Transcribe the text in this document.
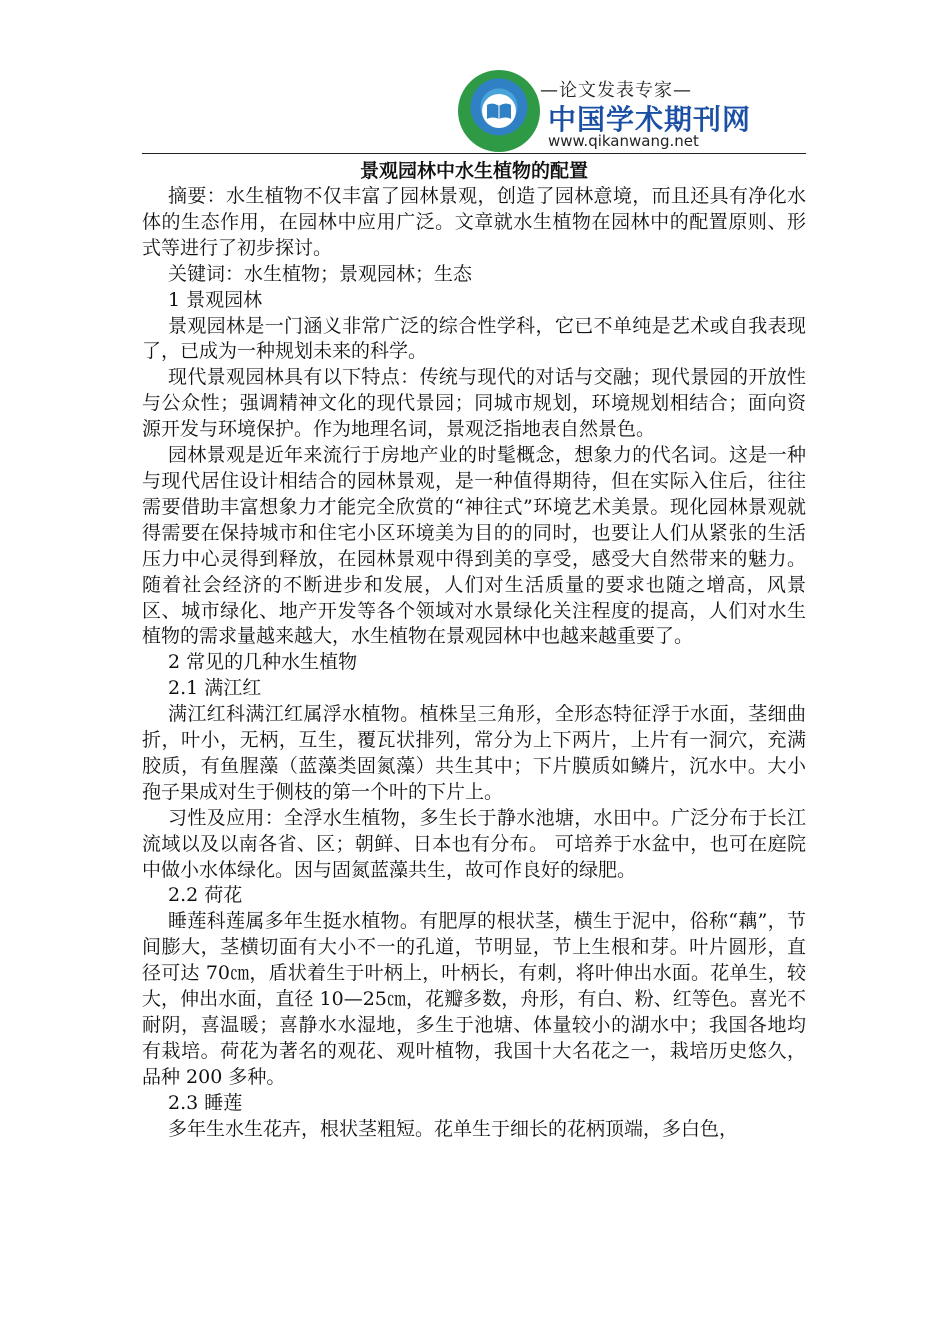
—论文发表专家—
中国学术期刊网
www.qikanwang.net

景观园林中水生植物的配置

摘要：水生植物不仅丰富了园林景观，创造了园林意境，而且还具有净化水体的生态作用，在园林中应用广泛。文章就水生植物在园林中的配置原则、形式等进行了初步探讨。

关键词：水生植物；景观园林；生态

1 景观园林

景观园林是一门涵义非常广泛的综合性学科，它已不单纯是艺术或自我表现了，已成为一种规划未来的科学。

现代景观园林具有以下特点：传统与现代的对话与交融；现代景园的开放性与公众性；强调精神文化的现代景园；同城市规划，环境规划相结合；面向资源开发与环境保护。作为地理名词，景观泛指地表自然景色。

园林景观是近年来流行于房地产业的时髦概念，想象力的代名词。这是一种与现代居住设计相结合的园林景观，是一种值得期待，但在实际入住后，往往需要借助丰富想象力才能完全欣赏的“神往式”环境艺术美景。现化园林景观就得需要在保持城市和住宅小区环境美为目的的同时，也要让人们从紧张的生活压力中心灵得到释放，在园林景观中得到美的享受，感受大自然带来的魅力。随着社会经济的不断进步和发展，人们对生活质量的要求也随之增高，风景区、城市绿化、地产开发等各个领域对水景绿化关注程度的提高，人们对水生植物的需求量越来越大，水生植物在景观园林中也越来越重要了。

2 常见的几种水生植物

2.1 满江红

满江红科满江红属浮水植物。植株呈三角形，全形态特征浮于水面，茎细曲折，叶小，无柄，互生，覆瓦状排列，常分为上下两片，上片有一洞穴，充满胶质，有鱼腥藻（蓝藻类固氮藻）共生其中；下片膜质如鳞片，沉水中。大小孢子果成对生于侧枝的第一个叶的下片上。

习性及应用：全浮水生植物，多生长于静水池塘，水田中。广泛分布于长江流域以及以南各省、区；朝鲜、日本也有分布。 可培养于水盆中，也可在庭院中做小水体绿化。因与固氮蓝藻共生，故可作良好的绿肥。

2.2 荷花

睡莲科莲属多年生挺水植物。有肥厚的根状茎，横生于泥中，俗称“藕”，节间膨大，茎横切面有大小不一的孔道，节明显，节上生根和芽。叶片圆形，直径可达 70㎝，盾状着生于叶柄上，叶柄长，有刺，将叶伸出水面。花单生，较大，伸出水面，直径 10—25㎝，花瓣多数，舟形，有白、粉、红等色。喜光不耐阴，喜温暖；喜静水水湿地，多生于池塘、体量较小的湖水中；我国各地均有栽培。荷花为著名的观花、观叶植物，我国十大名花之一，栽培历史悠久，品种 200 多种。

2.3 睡莲

多年生水生花卉，根状茎粗短。花单生于细长的花柄顶端，多白色，
